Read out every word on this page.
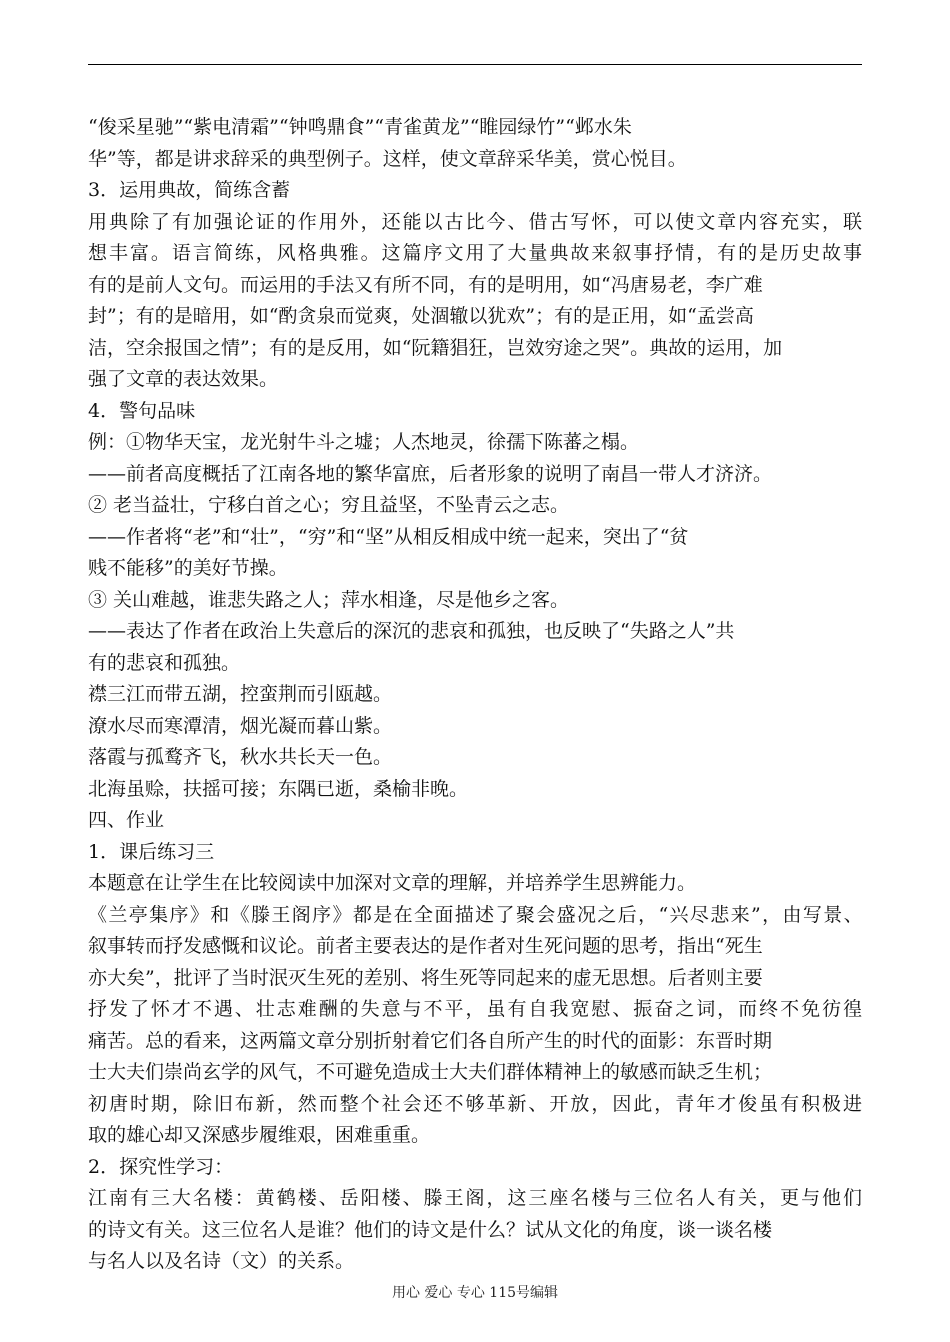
“俊采星驰”“紫电清霜”“钟鸣鼎食”“青雀黄龙”“睢园绿竹”“邺水朱
华”等，都是讲求辞采的典型例子。这样，使文章辞采华美，赏心悦目。
3．运用典故，简练含蓄
用典除了有加强论证的作用外，还能以古比今、借古写怀，可以使文章内容充实，联
想丰富。语言简练，风格典雅。这篇序文用了大量典故来叙事抒情，有的是历史故事
有的是前人文句。而运用的手法又有所不同，有的是明用，如“冯唐易老，李广难
封”；有的是暗用，如“酌贪泉而觉爽，处涸辙以犹欢”；有的是正用，如“孟尝高
洁，空余报国之情”；有的是反用，如“阮籍猖狂，岂效穷途之哭”。典故的运用，加
强了文章的表达效果。
4．警句品味
例：①物华天宝，龙光射牛斗之墟；人杰地灵，徐孺下陈蕃之榻。
——前者高度概括了江南各地的繁华富庶，后者形象的说明了南昌一带人才济济。
② 老当益壮，宁移白首之心；穷且益坚，不坠青云之志。
——作者将“老”和“壮”，“穷”和“坚”从相反相成中统一起来，突出了“贫
贱不能移”的美好节操。
③ 关山难越，谁悲失路之人；萍水相逢，尽是他乡之客。
——表达了作者在政治上失意后的深沉的悲哀和孤独，也反映了“失路之人”共
有的悲哀和孤独。
襟三江而带五湖，控蛮荆而引瓯越。
潦水尽而寒潭清，烟光凝而暮山紫。
落霞与孤鹜齐飞，秋水共长天一色。
北海虽赊，扶摇可接；东隅已逝，桑榆非晚。
四、作业
1．课后练习三
本题意在让学生在比较阅读中加深对文章的理解，并培养学生思辨能力。
《兰亭集序》和《滕王阁序》都是在全面描述了聚会盛况之后，“兴尽悲来”，由写景、
叙事转而抒发感慨和议论。前者主要表达的是作者对生死问题的思考，指出“死生
亦大矣”，批评了当时泯灭生死的差别、将生死等同起来的虚无思想。后者则主要
抒发了怀才不遇、壮志难酬的失意与不平，虽有自我宽慰、振奋之词，而终不免彷徨
痛苦。总的看来，这两篇文章分别折射着它们各自所产生的时代的面影：东晋时期
士大夫们崇尚玄学的风气，不可避免造成士大夫们群体精神上的敏感而缺乏生机；
初唐时期，除旧布新，然而整个社会还不够革新、开放，因此，青年才俊虽有积极进
取的雄心却又深感步履维艰，困难重重。
2．探究性学习：
江南有三大名楼：黄鹤楼、岳阳楼、滕王阁，这三座名楼与三位名人有关，更与他们
的诗文有关。这三位名人是谁？他们的诗文是什么？试从文化的角度，谈一谈名楼
与名人以及名诗（文）的关系。
用心 爱心 专心 115号编辑
